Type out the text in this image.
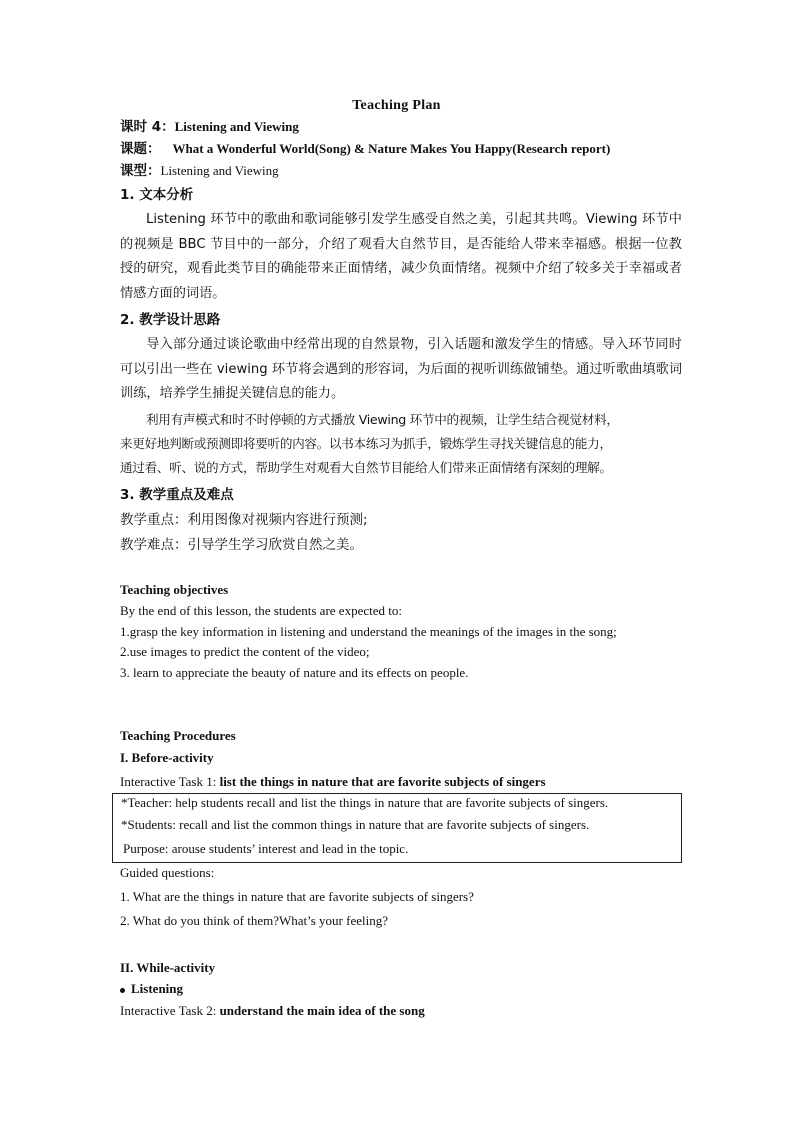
Teaching Plan
课时 4：Listening and Viewing
课题： What a Wonderful World(Song) & Nature Makes You Happy(Research report)
课型：Listening and Viewing
1. 文本分析
Listening 环节中的歌曲和歌词能够引发学生感受自然之美，引起其共鸣。Viewing 环节中的视频是 BBC 节目中的一部分，介绍了观看大自然节目，是否能给人带来幸福感。根据一位教授的研究，观看此类节目的确能带来正面情绪，减少负面情绪。视频中介绍了较多关于幸福或者情感方面的词语。
2. 教学设计思路
导入部分通过谈论歌曲中经常出现的自然景物，引入话题和激发学生的情感。导入环节同时可以引出一些在 viewing 环节将会遇到的形容词，为后面的视听训练做铺垫。通过听歌曲填歌词训练，培养学生捕捉关键信息的能力。
利用有声模式和时不时停顿的方式播放 Viewing 环节中的视频，让学生结合视觉材料，
来更好地判断或预测即将要听的内容。以书本练习为抓手，锻炼学生寻找关键信息的能力，
通过看、听、说的方式，帮助学生对观看大自然节目能给人们带来正面情绪有深刻的理解。
3. 教学重点及难点
教学重点：利用图像对视频内容进行预测;
教学难点：引导学生学习欣赏自然之美。
Teaching objectives
By the end of this lesson, the students are expected to:
1.grasp the key information in listening and understand the meanings of the images in the song;
2.use images to predict the content of the video;
3. learn to appreciate the beauty of nature and its effects on people.
Teaching Procedures
I. Before-activity
Interactive Task 1: list the things in nature that are favorite subjects of singers
*Teacher: help students recall and list the things in nature that are favorite subjects of singers.
*Students: recall and list the common things in nature that are favorite subjects of singers.
Purpose: arouse students’ interest and lead in the topic.
Guided questions:
1. What are the things in nature that are favorite subjects of singers?
2. What do you think of them?What’s your feeling?
II. While-activity
Listening
Interactive Task 2: understand the main idea of the song
